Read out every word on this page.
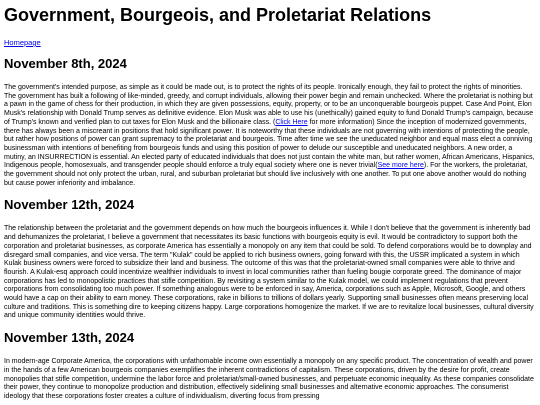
Government, Bourgeois, and Proletariat Relations
Homepage
November 8th, 2024

The government's intended purpose, as simple as it could be made out, is to protect the rights of its people. Ironically enough, they fail to protect the rights of minorities. The government has built a following of like-minded, greedy, and corrupt individuals, allowing their power begin and remain unchecked. Where the proletariat is nothing but a pawn in the game of chess for their production, in which they are given possessions, equity, property, or to be an unconquerable bourgeois puppet. Case And Point, Elon Musk's relationship with Donald Trump serves as definitive evidence. Elon Musk was able to use his (unethically) gained equity to fund Donald Trump's campaign, because of Trump's known and verified plan to cut taxes for Elon Musk and the billionaire class. (Click Here for more information) Since the inception of modernized governments, there has always been a miscreant in positions that hold significant power. It is noteworthy that these individuals are not governing with intentions of protecting the people, but rather how positions of power can grant supremacy to the proletariat and bourgeois. Time after time we see the uneducated neighbor and equal mass elect a conniving businessman with intentions of benefiting from bourgeois funds and using this position of power to delude our susceptible and uneducated neighbors. A new order, a mutiny, an INSURRECTION is essential. An elected party of educated individuals that does not just contain the white man, but rather women, African Americans, Hispanics, Indigenous people, homosexuals, and transgender people should enforce a truly equal society where one is never trivial(See more here). For the workers, the proletariat, the government should not only protect the urban, rural, and suburban proletariat but should live inclusively with one another. To put one above another would do nothing but cause power inferiority and imbalance.

November 12th, 2024

The relationship between the proletariat and the government depends on how much the bourgeois influences it. While I don't believe that the government is inherently bad and dehumanizes the proletariat, I believe a government that necessitates its basic functions with bourgeois equity is evil. It would be contradictory to support both the corporation and proletariat businesses, as corporate America has essentially a monopoly on any item that could be sold. To defend corporations would be to downplay and disregard small companies, and vice versa. The term "Kulak" could be applied to rich business owners, going forward with this, the USSR implicated a system in which Kulak business owners were forced to subsidize their land and business. The outcome of this was that the proletariat-owned small companies were able to thrive and flourish. A Kulak-esq approach could incentivize wealthier individuals to invest in local communities rather than fueling bougie corporate greed. The dominance of major corporations has led to monopolistic practices that stifle competition. By revisiting a system similar to the Kulak model, we could implement regulations that prevent corporations from consolidating too much power. If something analogous were to be enforced in say, America, corporations such as Apple, Microsoft, Google, and others would have a cap on their ability to earn money. These corporations, rake in billions to trillions of dollars yearly. Supporting small businesses often means preserving local culture and traditions. This is something dire to keeping citizens happy. Large corporations homogenize the market. If we are to revitalize local businesses, cultural diversity and unique community identities would thrive.

November 13th, 2024

In modern-age Corporate America, the corporations with unfathomable income own essentially a monopoly on any specific product. The concentration of wealth and power in the hands of a few American bourgeois companies exemplifies the inherent contradictions of capitalism. These corporations, driven by the desire for profit, create monopolies that stifle competition, undermine the labor force and proletariat/small-owned businesses, and perpetuate economic inequality. As these companies consolidate their power, they continue to monopolize production and distribution, effectively sidelining small businesses and alternative economic approaches. The consumerist ideology that these corporations foster creates a culture of individualism, diverting focus from pressing
